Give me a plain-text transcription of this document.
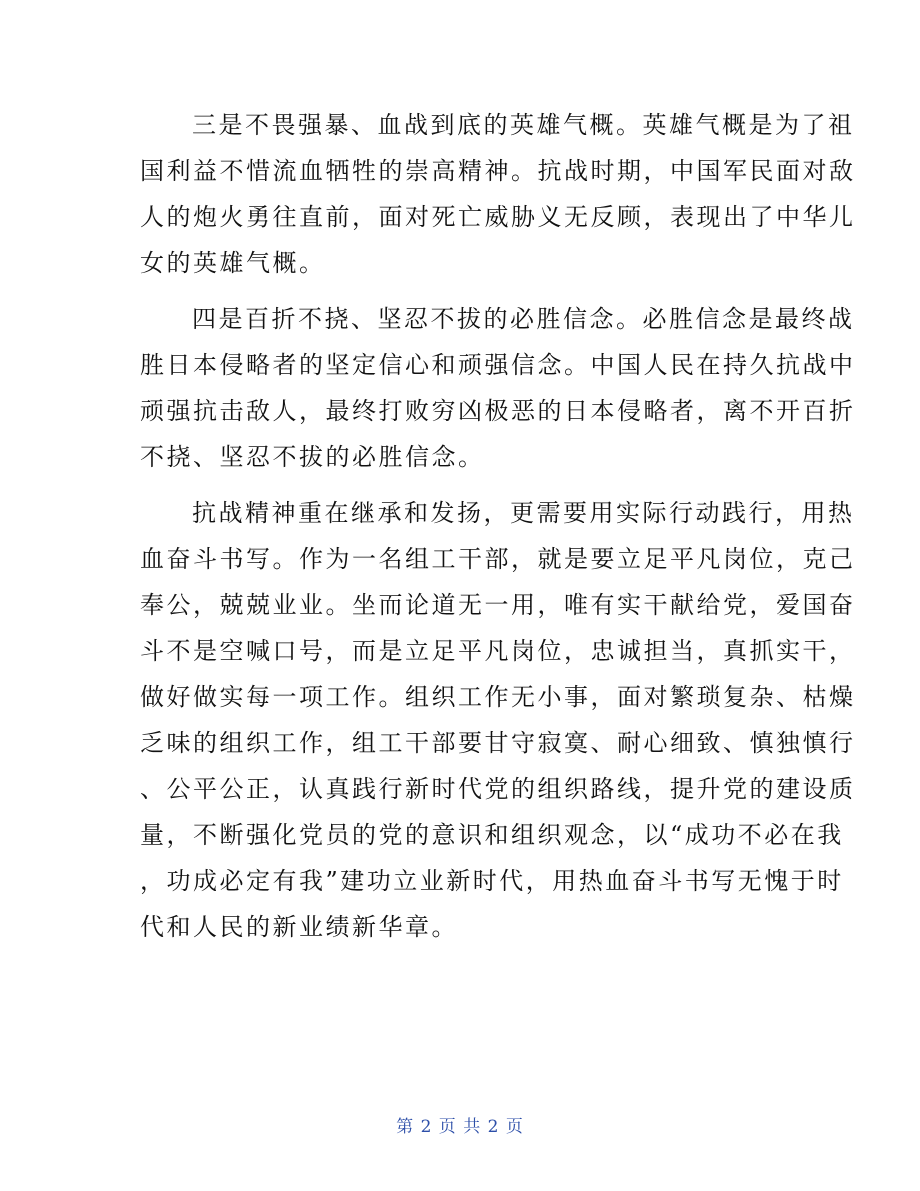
三是不畏强暴、血战到底的英雄气概。英雄气概是为了祖
国利益不惜流血牺牲的崇高精神。抗战时期，中国军民面对敌
人的炮火勇往直前，面对死亡威胁义无反顾，表现出了中华儿
女的英雄气概。

四是百折不挠、坚忍不拔的必胜信念。必胜信念是最终战
胜日本侵略者的坚定信心和顽强信念。中国人民在持久抗战中
顽强抗击敌人，最终打败穷凶极恶的日本侵略者，离不开百折
不挠、坚忍不拔的必胜信念。

抗战精神重在继承和发扬，更需要用实际行动践行，用热
血奋斗书写。作为一名组工干部，就是要立足平凡岗位，克己
奉公，兢兢业业。坐而论道无一用，唯有实干献给党，爱国奋
斗不是空喊口号，而是立足平凡岗位，忠诚担当，真抓实干，
做好做实每一项工作。组织工作无小事，面对繁琐复杂、枯燥
乏味的组织工作，组工干部要甘守寂寞、耐心细致、慎独慎行
、公平公正，认真践行新时代党的组织路线，提升党的建设质
量，不断强化党员的党的意识和组织观念，以“成功不必在我
，功成必定有我”建功立业新时代，用热血奋斗书写无愧于时
代和人民的新业绩新华章。

第 2 页 共 2 页
